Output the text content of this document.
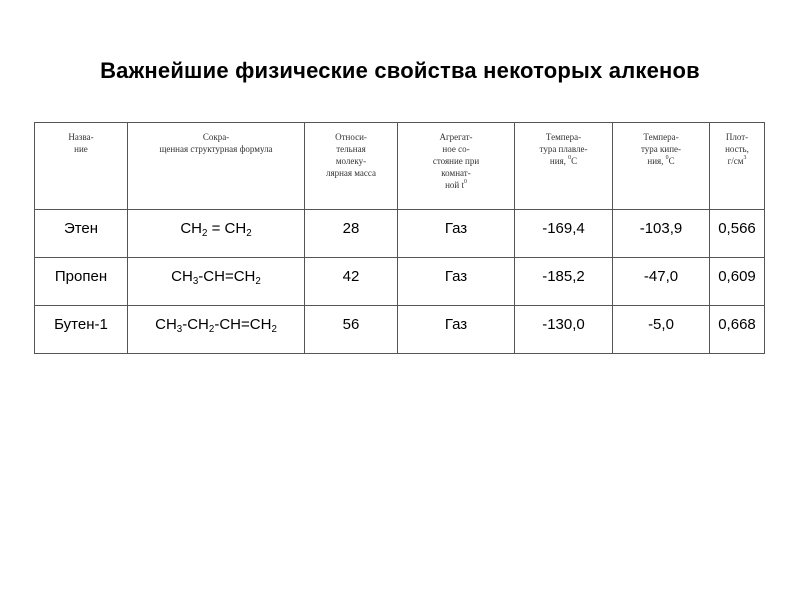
Важнейшие физические свойства некоторых алкенов
Назва-
ние	Сокра-
щенная структурная формула	Относи-
тельная
молеку-
лярная масса	Агрегат-
ное со-
стояние при
комнат-
ной $t^0$	Темпера-
тура плавле-
ния, $^0$С	Темпера-
тура кипе-
ния, $^0$С	Плот-
ность,
$г/см^3$

Этен	$CH_2 = CH_2$	28	Газ	-169,4	-103,9	0,566
Пропен	$CH_3-CH=CH_2$	42	Газ	-185,2	-47,0	0,609
Бутен-1	$CH_3-CH_2-CH=CH_2$	56	Газ	-130,0	-5,0	0,668
